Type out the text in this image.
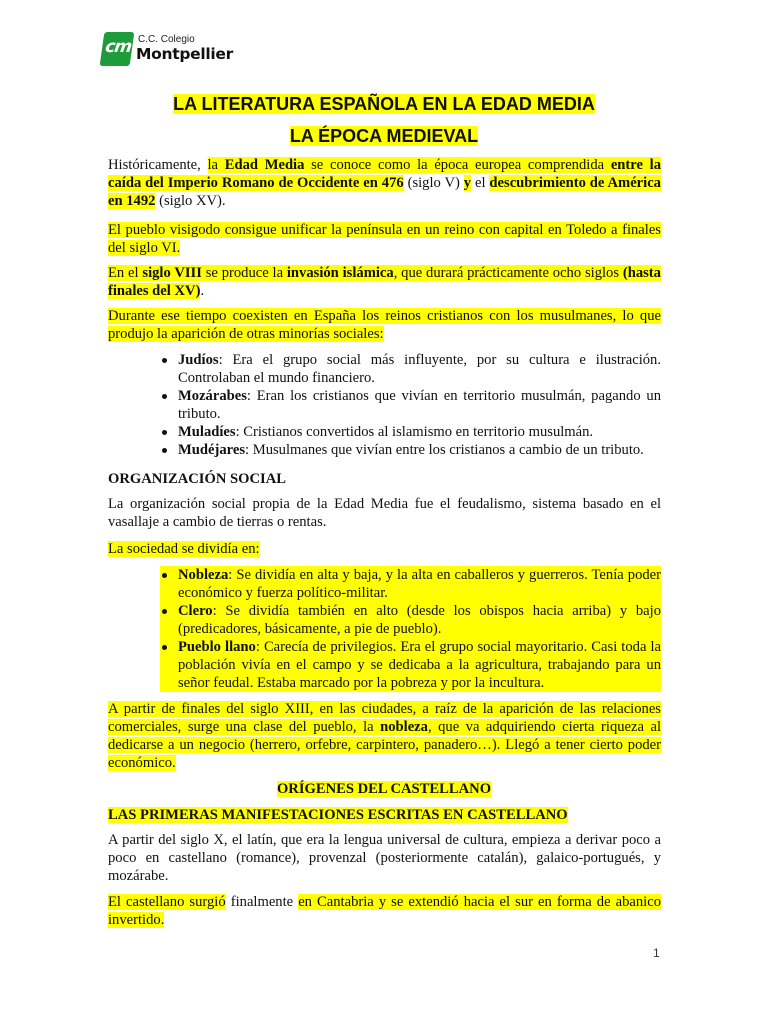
cm C.C. Colegio
Montpellier
LA LITERATURA ESPAÑOLA EN LA EDAD MEDIA
LA ÉPOCA MEDIEVAL

Históricamente, la Edad Media se conoce como la época europea comprendida entre la caída del Imperio Romano de Occidente en 476 (siglo V) y el descubrimiento de América en 1492 (siglo XV).

El pueblo visigodo consigue unificar la península en un reino con capital en Toledo a finales del siglo VI.

En el siglo VIII se produce la invasión islámica, que durará prácticamente ocho siglos (hasta finales del XV).

Durante ese tiempo coexisten en España los reinos cristianos con los musulmanes, lo que produjo la aparición de otras minorías sociales:

Judíos: Era el grupo social más influyente, por su cultura e ilustración. Controlaban el mundo financiero.
Mozárabes: Eran los cristianos que vivían en territorio musulmán, pagando un tributo.
Muladíes: Cristianos convertidos al islamismo en territorio musulmán.
Mudéjares: Musulmanes que vivían entre los cristianos a cambio de un tributo.

ORGANIZACIÓN SOCIAL

La organización social propia de la Edad Media fue el feudalismo, sistema basado en el vasallaje a cambio de tierras o rentas.

La sociedad se dividía en:

Nobleza: Se dividía en alta y baja, y la alta en caballeros y guerreros. Tenía poder económico y fuerza político-militar.
Clero: Se dividía también en alto (desde los obispos hacia arriba) y bajo (predicadores, básicamente, a pie de pueblo).
Pueblo llano: Carecía de privilegios. Era el grupo social mayoritario. Casi toda la población vivía en el campo y se dedicaba a la agricultura, trabajando para un señor feudal. Estaba marcado por la pobreza y por la incultura.

A partir de finales del siglo XIII, en las ciudades, a raíz de la aparición de las relaciones comerciales, surge una clase del pueblo, la nobleza, que va adquiriendo cierta riqueza al dedicarse a un negocio (herrero, orfebre, carpintero, panadero…). Llegó a tener cierto poder económico.

ORÍGENES DEL CASTELLANO

LAS PRIMERAS MANIFESTACIONES ESCRITAS EN CASTELLANO

A partir del siglo X, el latín, que era la lengua universal de cultura, empieza a derivar poco a poco en castellano (romance), provenzal (posteriormente catalán), galaico-portugués, y mozárabe.

El castellano surgió finalmente en Cantabria y se extendió hacia el sur en forma de abanico invertido.

1
